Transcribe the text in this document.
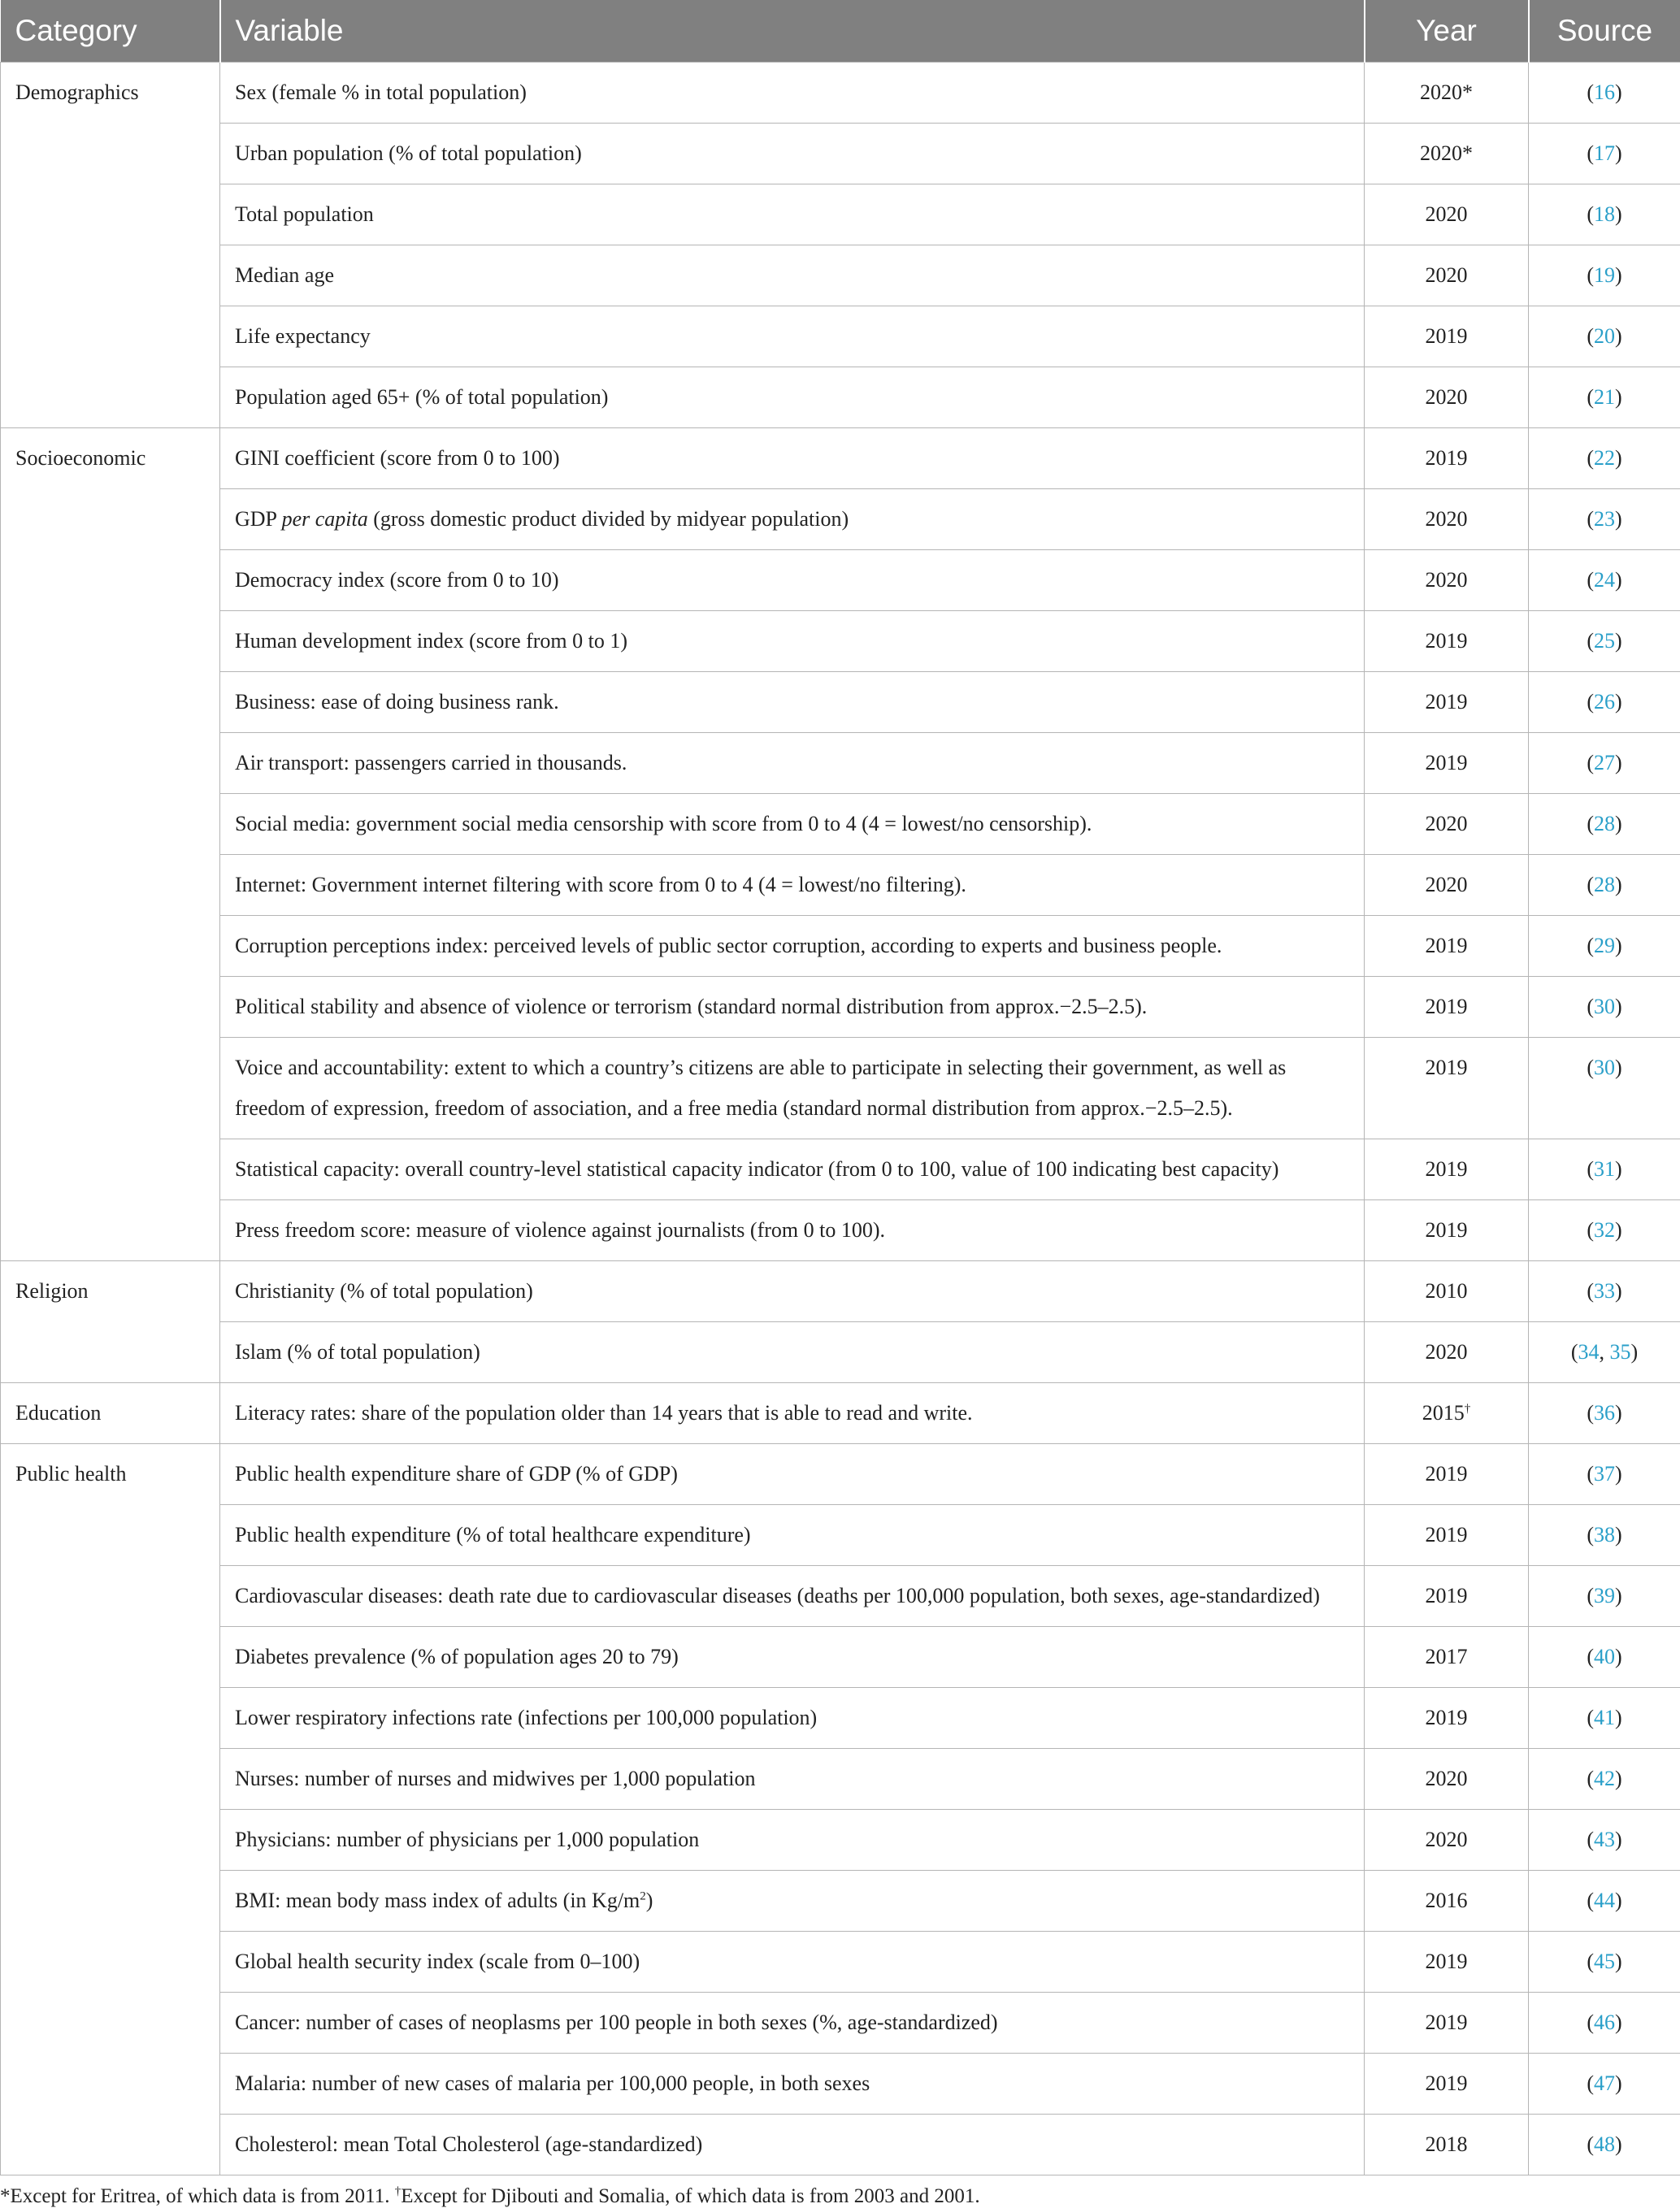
Category	Variable	Year	Source
Demographics	Sex (female % in total population)	2020*	(16)
	Urban population (% of total population)	2020*	(17)
	Total population	2020	(18)
	Median age	2020	(19)
	Life expectancy	2019	(20)
	Population aged 65+ (% of total population)	2020	(21)
Socioeconomic	GINI coefficient (score from 0 to 100)	2019	(22)
	GDP per capita (gross domestic product divided by midyear population)	2020	(23)
	Democracy index (score from 0 to 10)	2020	(24)
	Human development index (score from 0 to 1)	2019	(25)
	Business: ease of doing business rank.	2019	(26)
	Air transport: passengers carried in thousands.	2019	(27)
	Social media: government social media censorship with score from 0 to 4 (4 = lowest/no censorship).	2020	(28)
	Internet: Government internet filtering with score from 0 to 4 (4 = lowest/no filtering).	2020	(28)
	Corruption perceptions index: perceived levels of public sector corruption, according to experts and business people.	2019	(29)
	Political stability and absence of violence or terrorism (standard normal distribution from approx.−2.5–2.5).	2019	(30)
	Voice and accountability: extent to which a country’s citizens are able to participate in selecting their government, as well as freedom of expression, freedom of association, and a free media (standard normal distribution from approx.−2.5–2.5).	2019	(30)
	Statistical capacity: overall country-level statistical capacity indicator (from 0 to 100, value of 100 indicating best capacity)	2019	(31)
	Press freedom score: measure of violence against journalists (from 0 to 100).	2019	(32)
Religion	Christianity (% of total population)	2010	(33)
	Islam (% of total population)	2020	(34, 35)
Education	Literacy rates: share of the population older than 14 years that is able to read and write.	2015†	(36)
Public health	Public health expenditure share of GDP (% of GDP)	2019	(37)
	Public health expenditure (% of total healthcare expenditure)	2019	(38)
	Cardiovascular diseases: death rate due to cardiovascular diseases (deaths per 100,000 population, both sexes, age-standardized)	2019	(39)
	Diabetes prevalence (% of population ages 20 to 79)	2017	(40)
	Lower respiratory infections rate (infections per 100,000 population)	2019	(41)
	Nurses: number of nurses and midwives per 1,000 population	2020	(42)
	Physicians: number of physicians per 1,000 population	2020	(43)
	BMI: mean body mass index of adults (in $Kg/m^2$)	2016	(44)
	Global health security index (scale from 0–100)	2019	(45)
	Cancer: number of cases of neoplasms per 100 people in both sexes (%, age-standardized)	2019	(46)
	Malaria: number of new cases of malaria per 100,000 people, in both sexes	2019	(47)
	Cholesterol: mean Total Cholesterol (age-standardized)	2018	(48)
*Except for Eritrea, of which data is from 2011. †Except for Djibouti and Somalia, of which data is from 2003 and 2001.
